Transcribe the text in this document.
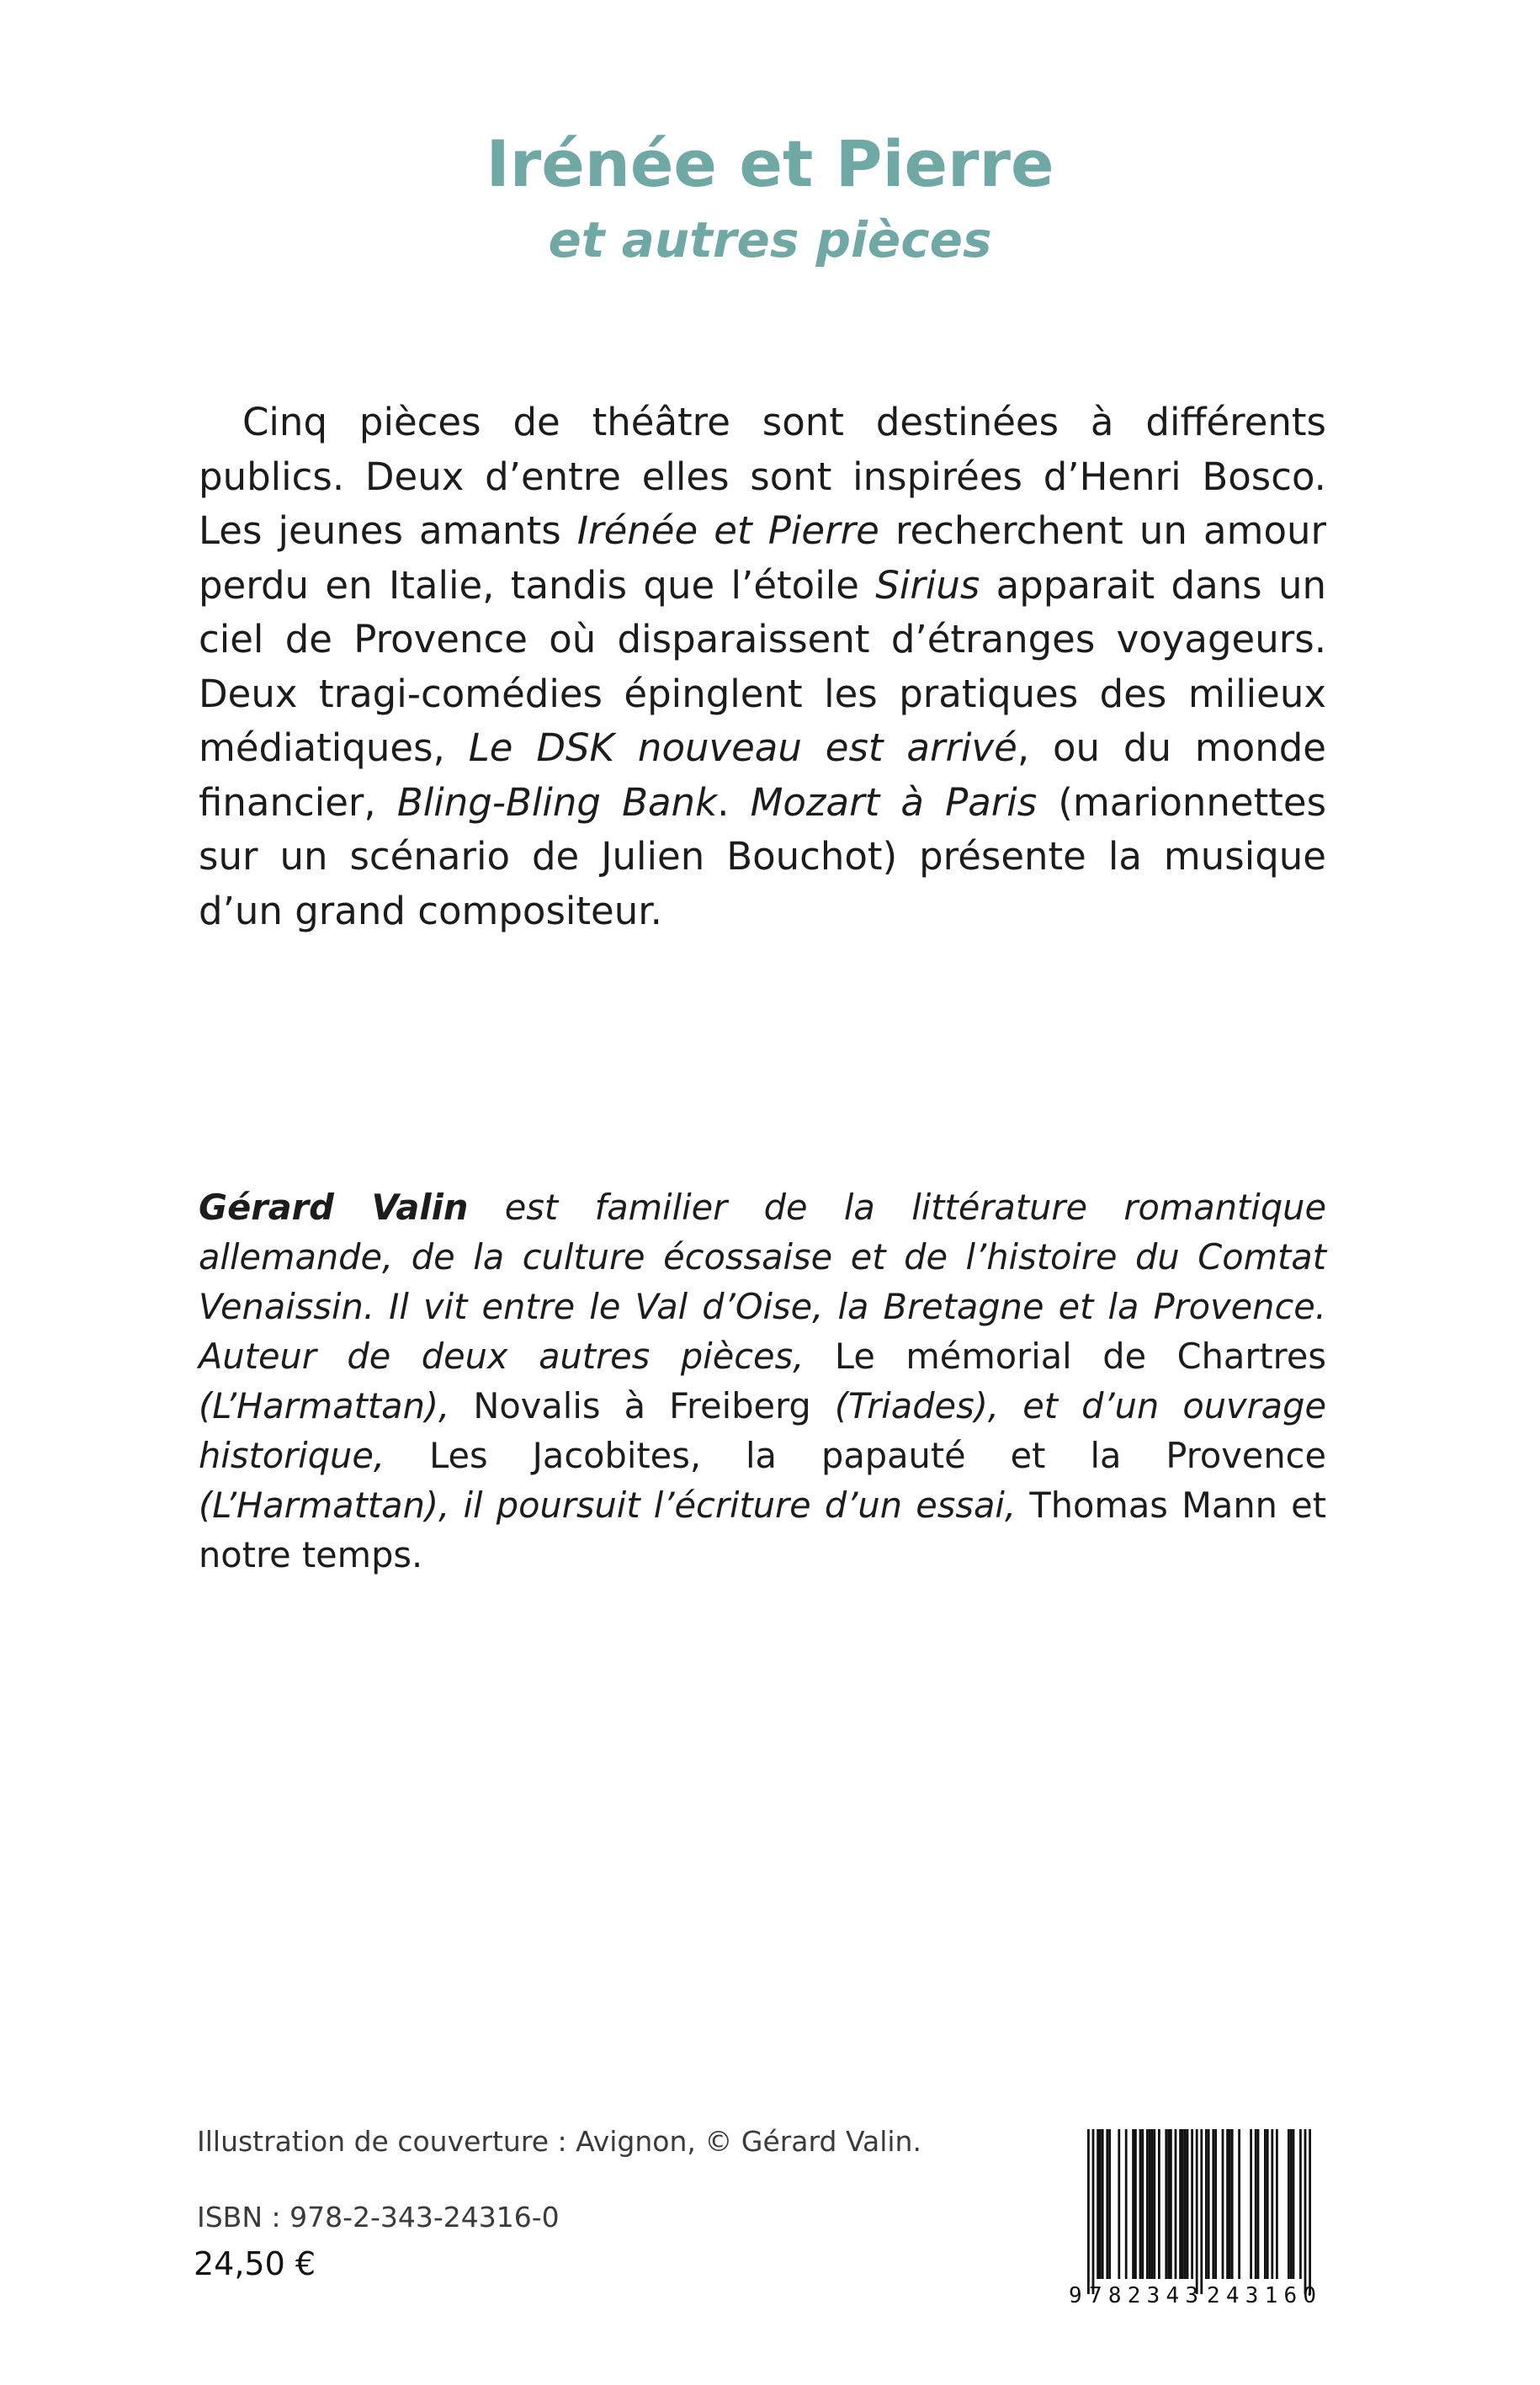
Irénée et Pierre
et autres pièces

Cinq pièces de théâtre sont destinées à différents publics. Deux d’entre elles sont inspirées d’Henri Bosco. Les jeunes amants Irénée et Pierre recherchent un amour perdu en Italie, tandis que l’étoile Sirius apparait dans un ciel de Provence où disparaissent d’étranges voyageurs. Deux tragi-comédies épinglent les pratiques des milieux médiatiques, Le DSK nouveau est arrivé, ou du monde financier, Bling-Bling Bank. Mozart à Paris (marionnettes sur un scénario de Julien Bouchot) présente la musique d’un grand compositeur.

Gérard Valin est familier de la littérature romantique allemande, de la culture écossaise et de l’histoire du Comtat Venaissin. Il vit entre le Val d’Oise, la Bretagne et la Provence. Auteur de deux autres pièces, Le mémorial de Chartres (L’Harmattan), Novalis à Freiberg (Triades), et d’un ouvrage historique, Les Jacobites, la papauté et la Provence (L’Harmattan), il poursuit l’écriture d’un essai, Thomas Mann et notre temps.

Illustration de couverture : Avignon, © Gérard Valin.
ISBN : 978-2-343-24316-0
24,50 €
9 782343 243160
